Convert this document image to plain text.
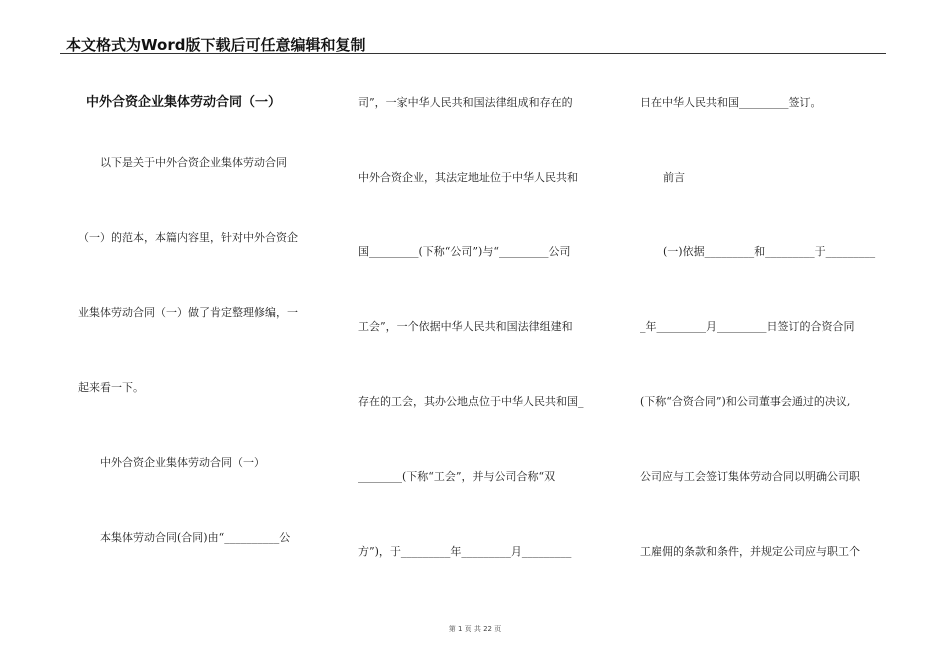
本文格式为Word版下载后可任意编辑和复制
中外合资企业集体劳动合同（一）
以下是关于中外合资企业集体劳动合同
（一）的范本，本篇内容里，针对中外合资企
业集体劳动合同（一）做了肯定整理修编，一
起来看一下。
中外合资企业集体劳动合同（一）
本集体劳动合同(合同)由“__________公
司”，一家中华人民共和国法律组成和存在的
中外合资企业，其法定地址位于中华人民共和
国_________(下称“公司”)与“_________公司
工会”，一个依据中华人民共和国法律组建和
存在的工会，其办公地点位于中华人民共和国_
________(下称“工会”，并与公司合称“双
方”)，于_________年_________月_________
日在中华人民共和国_________签订。
前言
(一)依据_________和_________于_________
_年_________月_________日签订的合资合同
(下称“合资合同”)和公司董事会通过的决议,
公司应与工会签订集体劳动合同以明确公司职
工雇佣的条款和条件，并规定公司应与职工个
第 1 页 共 22 页
